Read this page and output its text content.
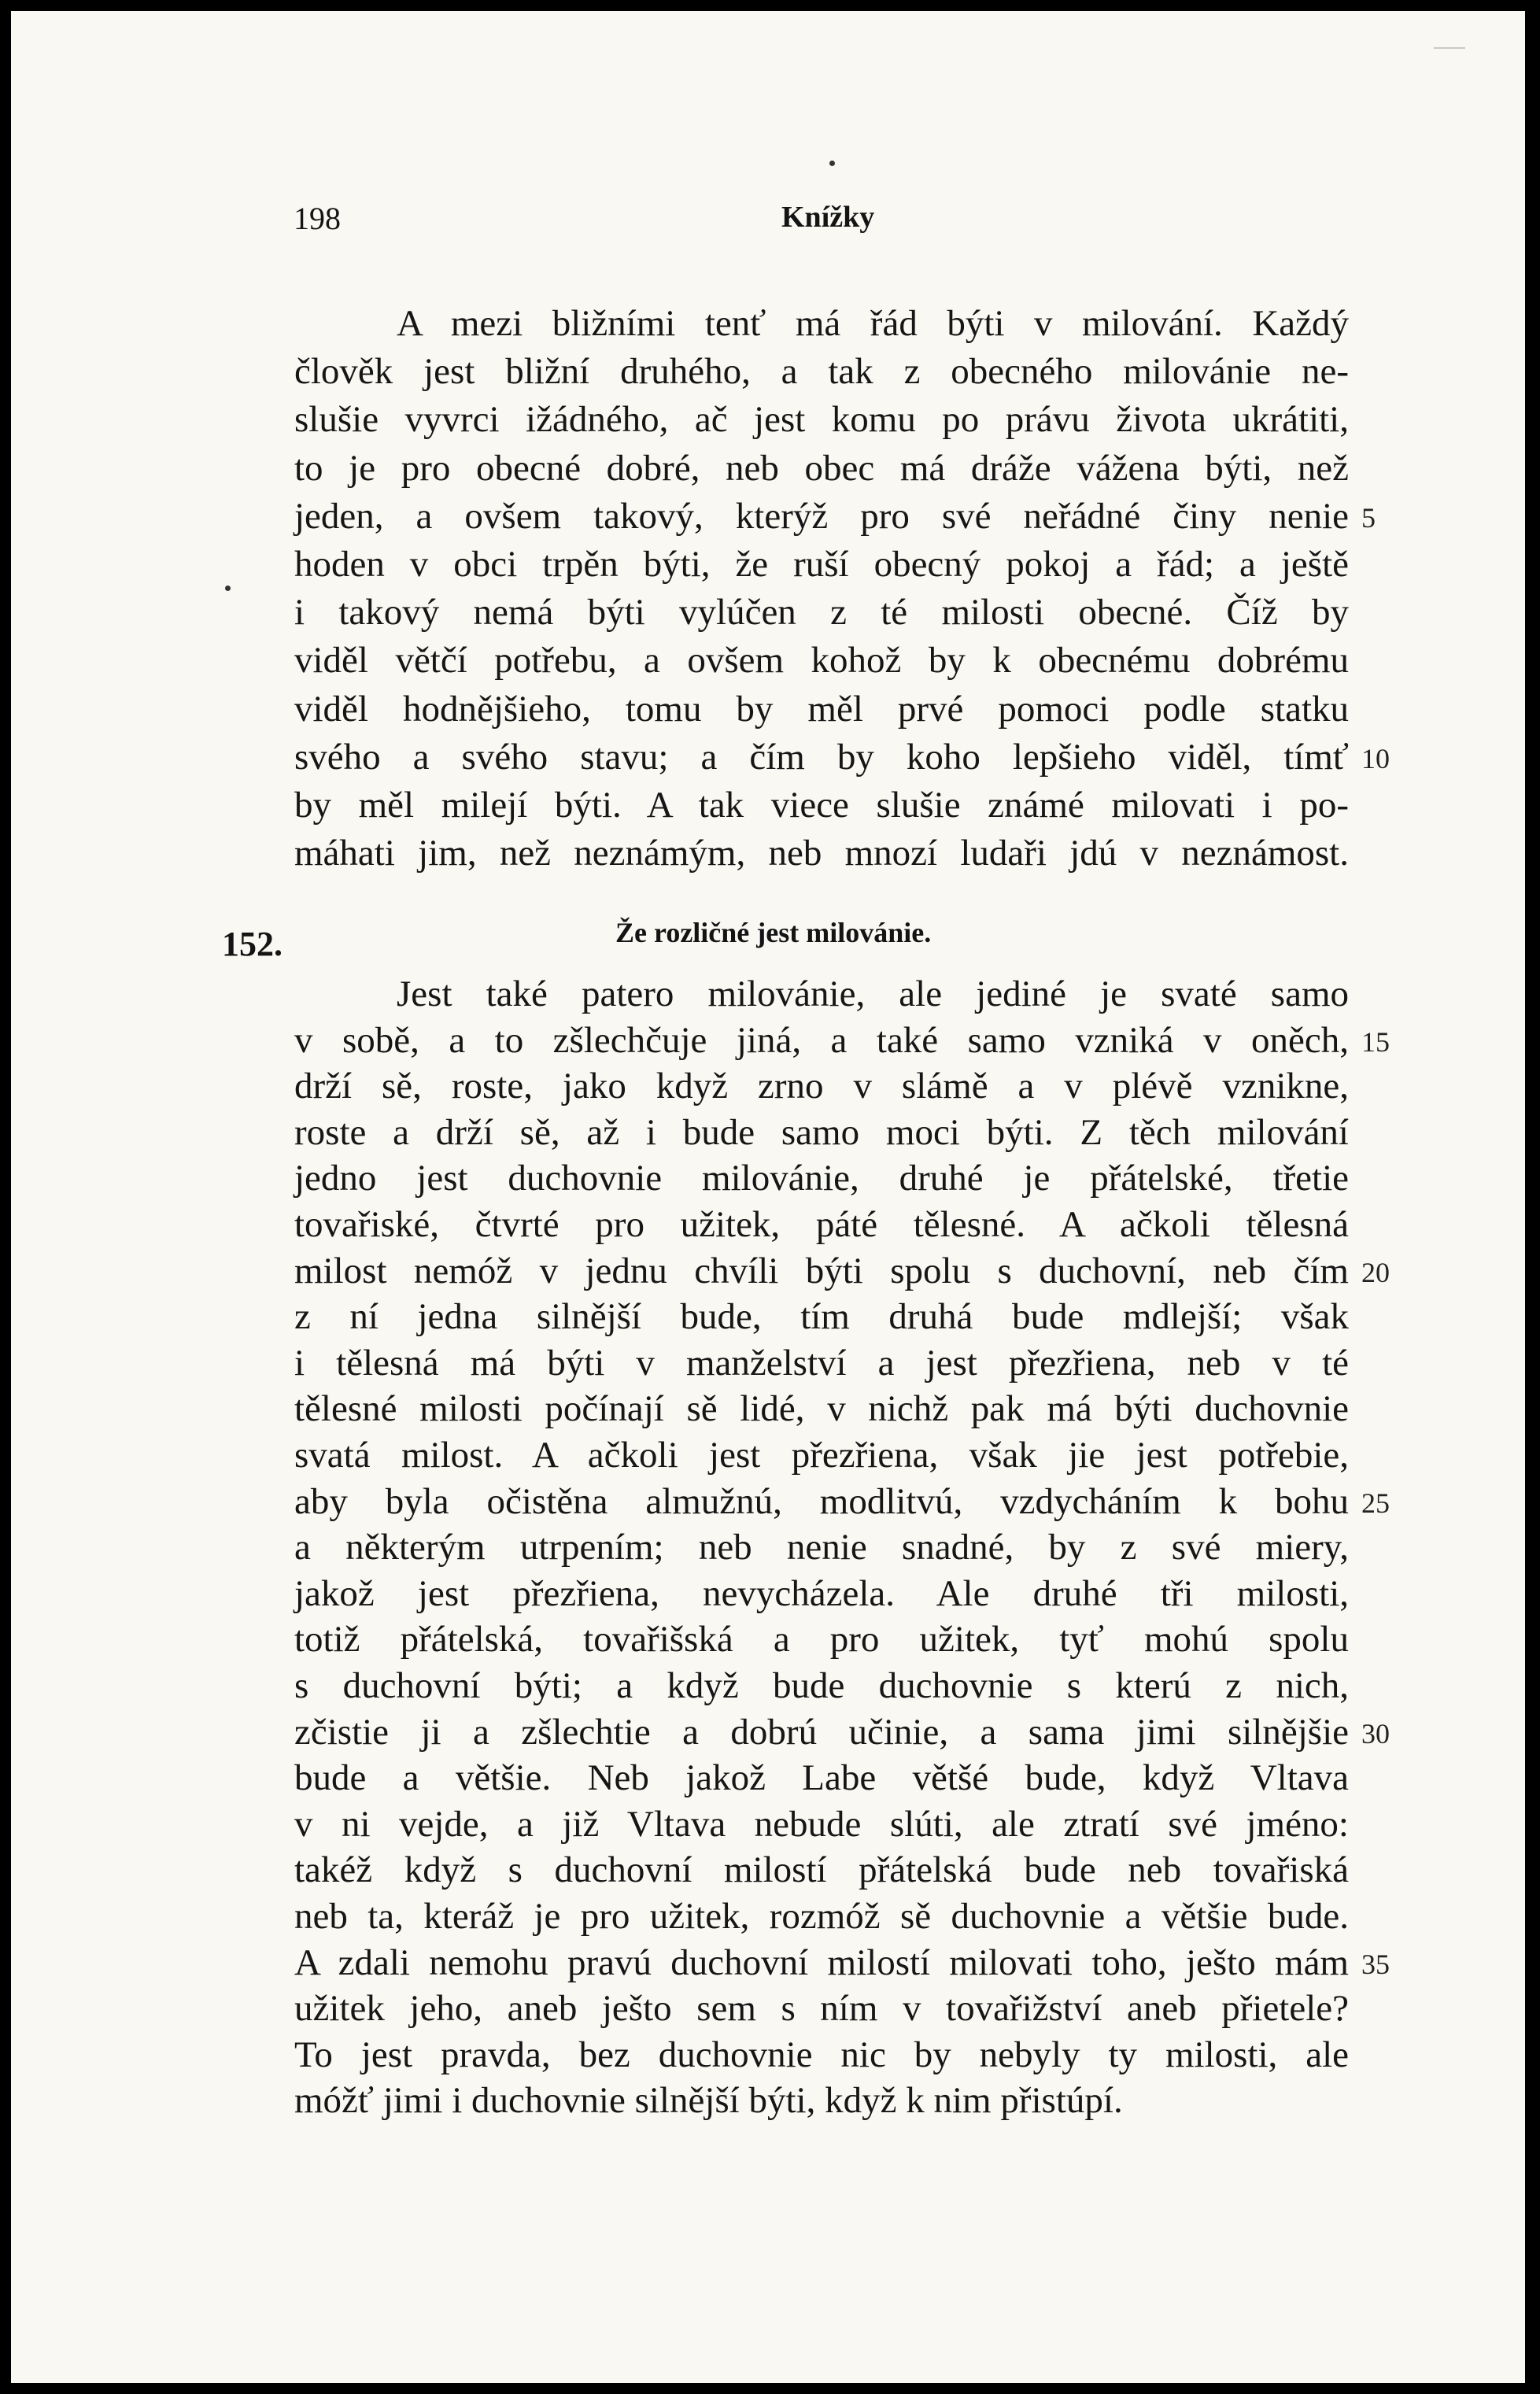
198	Knížky
A mezi bližními tenť má řád býti v milování. Každý
člověk jest bližní druhého, a tak z obecného milovánie ne-
slušie vyvrci ižádného, ač jest komu po právu života ukrátiti,
to je pro obecné dobré, neb obec má dráže vážena býti, než
jeden, a ovšem takový, kterýž pro své neřádné činy nenie 5
hoden v obci trpěn býti, že ruší obecný pokoj a řád; a ještě
i takový nemá býti vylúčen z té milosti obecné. Číž by
viděl větčí potřebu, a ovšem kohož by k obecnému dobrému
viděl hodnějšieho, tomu by měl prvé pomoci podle statku
svého a svého stavu; a čím by koho lepšieho viděl, tímť 10
by měl milejí býti. A tak viece slušie známé milovati i po-
máhati jim, než neznámým, neb mnozí ludaři jdú v neznámost.
152.	Že rozličné jest milovánie.
Jest také patero milovánie, ale jediné je svaté samo
v sobě, a to zšlechčuje jiná, a také samo vzniká v oněch, 15
drží sě, roste, jako když zrno v slámě a v plévě vznikne,
roste a drží sě, až i bude samo moci býti. Z těch milování
jedno jest duchovnie milovánie, druhé je přátelské, třetie
tovařiské, čtvrté pro užitek, páté tělesné. A ačkoli tělesná
milost nemóž v jednu chvíli býti spolu s duchovní, neb čím 20
z ní jedna silnější bude, tím druhá bude mdlejší; však
i tělesná má býti v manželství a jest přezřiena, neb v té
tělesné milosti počínají sě lidé, v nichž pak má býti duchovnie
svatá milost. A ačkoli jest přezřiena, však jie jest potřebie,
aby byla očistěna almužnú, modlitvú, vzdycháním k bohu 25
a některým utrpením; neb nenie snadné, by z své miery,
jakož jest přezřiena, nevycházela. Ale druhé tři milosti,
totiž přátelská, tovařišská a pro užitek, tyť mohú spolu
s duchovní býti; a když bude duchovnie s kterú z nich,
zčistie ji a zšlechtie a dobrú učinie, a sama jimi silnějšie 30
bude a většie. Neb jakož Labe většé bude, když Vltava
v ni vejde, a již Vltava nebude slúti, ale ztratí své jméno:
takéž když s duchovní milostí přátelská bude neb tovařiská
neb ta, kteráž je pro užitek, rozmóž sě duchovnie a většie bude.
A zdali nemohu pravú duchovní milostí milovati toho, ješto mám 35
užitek jeho, aneb ješto sem s ním v tovařižství aneb přietele?
To jest pravda, bez duchovnie nic by nebyly ty milosti, ale
móžť jimi i duchovnie silnější býti, když k nim přistúpí.
